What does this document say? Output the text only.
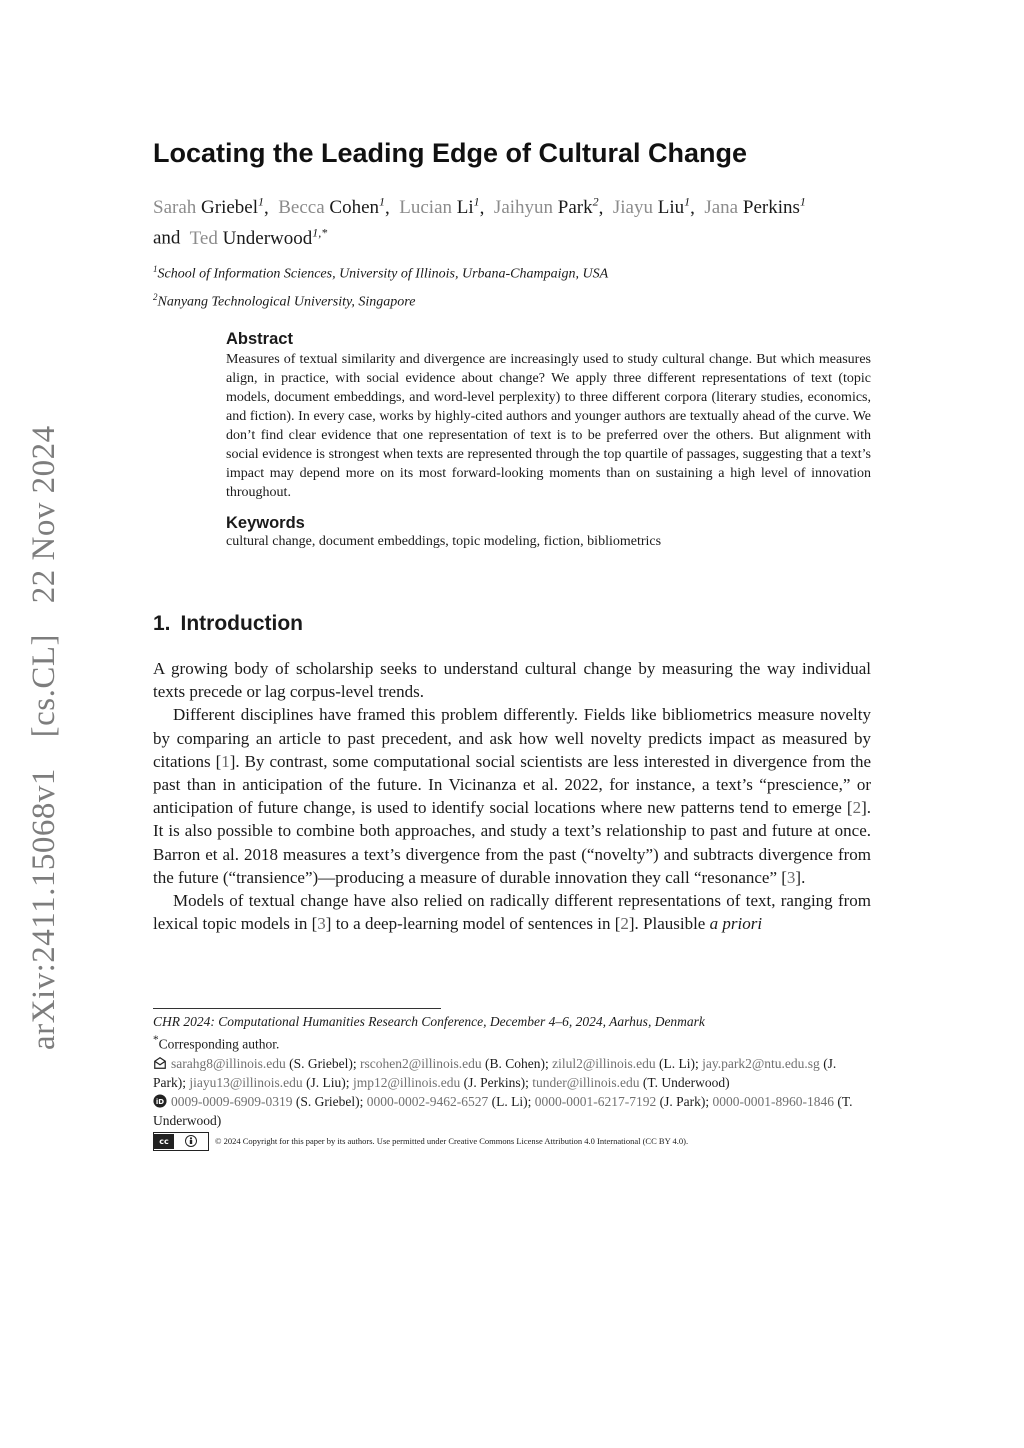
arXiv:2411.15068v1 [cs.CL] 22 Nov 2024
Locating the Leading Edge of Cultural Change
Sarah Griebel$^1$,  Becca Cohen$^1$,  Lucian Li$^1$,  Jaihyun Park$^2$,  Jiayu Liu$^1$,  Jana Perkins$^1$
and Ted Underwood$^{1,*}$
$^1$School of Information Sciences, University of Illinois, Urbana-Champaign, USA
$^2$Nanyang Technological University, Singapore
Abstract

Measures of textual similarity and divergence are increasingly used to study cultural change. But which measures align, in practice, with social evidence about change? We apply three different representations of text (topic models, document embeddings, and word-level perplexity) to three different corpora (literary studies, economics, and fiction). In every case, works by highly-cited authors and younger authors are textually ahead of the curve. We don’t find clear evidence that one representation of text is to be preferred over the others. But alignment with social evidence is strongest when texts are represented through the top quartile of passages, suggesting that a text’s impact may depend more on its most forward-looking moments than on sustaining a high level of innovation throughout.

Keywords

cultural change, document embeddings, topic modeling, fiction, bibliometrics

1. Introduction

A growing body of scholarship seeks to understand cultural change by measuring the way individual texts precede or lag corpus-level trends.

Different disciplines have framed this problem differently. Fields like bibliometrics measure novelty by comparing an article to past precedent, and ask how well novelty predicts impact as measured by citations [1]. By contrast, some computational social scientists are less interested in divergence from the past than in anticipation of the future. In Vicinanza et al. 2022, for instance, a text’s “prescience,” or anticipation of future change, is used to identify social locations where new patterns tend to emerge [2]. It is also possible to combine both approaches, and study a text’s relationship to past and future at once. Barron et al. 2018 measures a text’s divergence from the past (“novelty”) and subtracts divergence from the future (“transience”)—producing a measure of durable innovation they call “resonance” [3].

Models of textual change have also relied on radically different representations of text, ranging from lexical topic models in [3] to a deep-learning model of sentences in [2]. Plausible a priori

CHR 2024: Computational Humanities Research Conference, December 4–6, 2024, Aarhus, Denmark

*Corresponding author.

sarahg8@illinois.edu (S. Griebel); rscohen2@illinois.edu (B. Cohen); zilul2@illinois.edu (L. Li); jay.park2@ntu.edu.sg (J. Park); jiayu13@illinois.edu (J. Liu); jmp12@illinois.edu (J. Perkins); tunder@illinois.edu (T. Underwood)

iD 0009-0009-6909-0319 (S. Griebel); 0000-0002-9462-6527 (L. Li); 0000-0001-6217-7192 (J. Park); 0000-0001-8960-1846 (T. Underwood)

cc	© 2024 Copyright for this paper by its authors. Use permitted under Creative Commons License Attribution 4.0 International (CC BY 4.0).
